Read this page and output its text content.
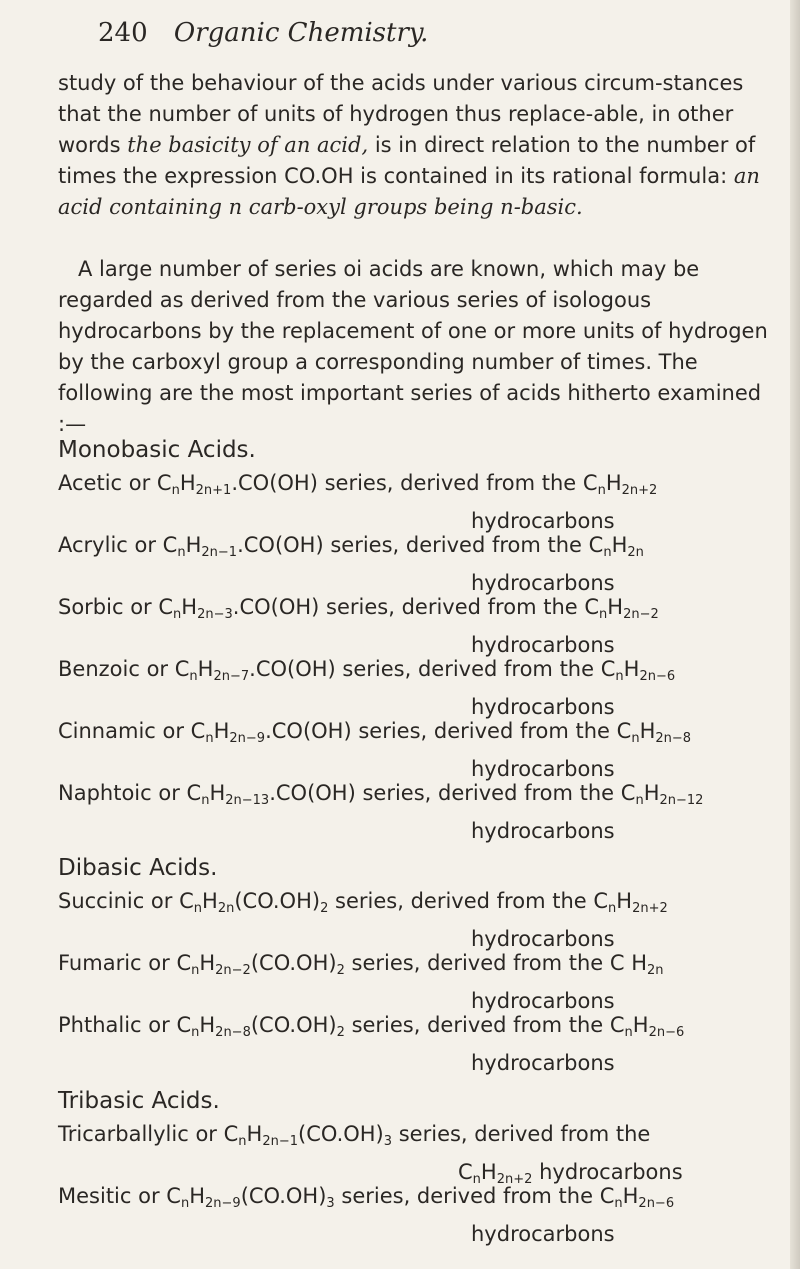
240 Organic Chemistry.
study of the behaviour of the acids under various circum-stances that the number of units of hydrogen thus replace-able, in other words the basicity of an acid, is in direct relation to the number of times the expression CO.OH is contained in its rational formula: an acid containing n carb-oxyl groups being n-basic.
A large number of series oi acids are known, which may be regarded as derived from the various series of isologous hydrocarbons by the replacement of one or more units of hydrogen by the carboxyl group a corresponding number of times. The following are the most important series of acids hitherto examined :—
Monobasic Acids.
Acetic or $C_nH_{2n+1}.CO(OH)$ series, derived from the $C_nH_{2n+2}$
hydrocarbons
Acrylic or $C_nH_{2n-1}.CO(OH)$ series, derived from the $C_nH_{2n}$
hydrocarbons
Sorbic or $C_nH_{2n-3}.CO(OH)$ series, derived from the $C_nH_{2n-2}$
hydrocarbons
Benzoic or $C_nH_{2n-7}.CO(OH)$ series, derived from the $C_nH_{2n-6}$
hydrocarbons
Cinnamic or $C_nH_{2n-9}.CO(OH)$ series, derived from the $C_nH_{2n-8}$
hydrocarbons
Naphtoic or $C_nH_{2n-13}.CO(OH)$ series, derived from the $C_nH_{2n-12}$
hydrocarbons
Dibasic Acids.
Succinic or $C_nH_{2n}(CO.OH)_2$ series, derived from the $C_nH_{2n+2}$
hydrocarbons
Fumaric or $C_nH_{2n-2}(CO.OH)_2$ series, derived from the C $H_{2n}$
hydrocarbons
Phthalic or $C_nH_{2n-8}(CO.OH)_2$ series, derived from the $C_nH_{2n-6}$
hydrocarbons
Tribasic Acids.
Tricarballylic or $C_nH_{2n-1}(CO.OH)_3$ series, derived from the
$C_nH_{2n+2}$ hydrocarbons
Mesitic or $C_nH_{2n-9}(CO.OH)_3$ series, derived from the $C_nH_{2n-6}$
hydrocarbons
